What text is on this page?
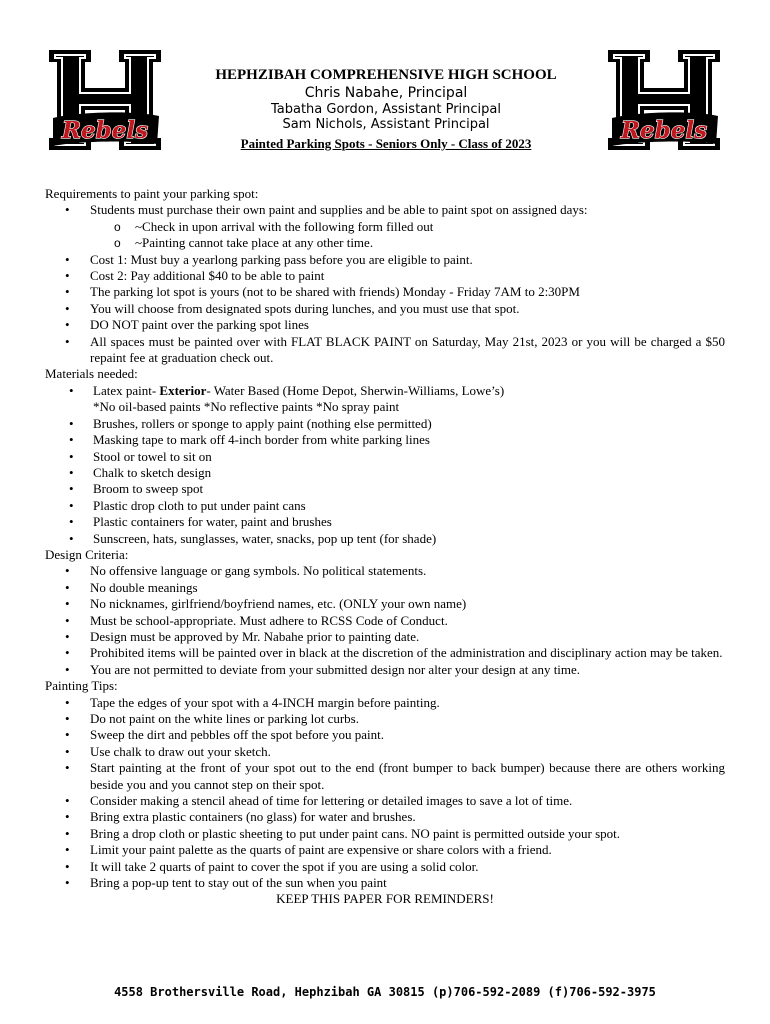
Rebels	Rebels
HEPHZIBAH COMPREHENSIVE HIGH SCHOOL
Chris Nabahe, Principal
Tabatha Gordon, Assistant Principal
Sam Nichols, Assistant Principal
Painted Parking Spots - Seniors Only - Class of 2023
Requirements to paint your parking spot:
• Students must purchase their own paint and supplies and be able to paint spot on assigned days:
o ~Check in upon arrival with the following form filled out
o ~Painting cannot take place at any other time.
• Cost 1: Must buy a yearlong parking pass before you are eligible to paint.
• Cost 2: Pay additional $40 to be able to paint
• The parking lot spot is yours (not to be shared with friends) Monday - Friday 7AM to 2:30PM
• You will choose from designated spots during lunches, and you must use that spot.
• DO NOT paint over the parking spot lines
• All spaces must be painted over with FLAT BLACK PAINT on Saturday, May 21st, 2023 or you will be charged a $50 repaint fee at graduation check out.
Materials needed:
• Latex paint- Exterior- Water Based (Home Depot, Sherwin-Williams, Lowe’s)
*No oil-based paints *No reflective paints *No spray paint
• Brushes, rollers or sponge to apply paint (nothing else permitted)
• Masking tape to mark off 4-inch border from white parking lines
• Stool or towel to sit on
• Chalk to sketch design
• Broom to sweep spot
• Plastic drop cloth to put under paint cans
• Plastic containers for water, paint and brushes
• Sunscreen, hats, sunglasses, water, snacks, pop up tent (for shade)
Design Criteria:
• No offensive language or gang symbols. No political statements.
• No double meanings
• No nicknames, girlfriend/boyfriend names, etc. (ONLY your own name)
• Must be school-appropriate. Must adhere to RCSS Code of Conduct.
• Design must be approved by Mr. Nabahe prior to painting date.
• Prohibited items will be painted over in black at the discretion of the administration and disciplinary action may be taken.
• You are not permitted to deviate from your submitted design nor alter your design at any time.
Painting Tips:
• Tape the edges of your spot with a 4-INCH margin before painting.
• Do not paint on the white lines or parking lot curbs.
• Sweep the dirt and pebbles off the spot before you paint.
• Use chalk to draw out your sketch.
• Start painting at the front of your spot out to the end (front bumper to back bumper) because there are others working beside you and you cannot step on their spot.
• Consider making a stencil ahead of time for lettering or detailed images to save a lot of time.
• Bring extra plastic containers (no glass) for water and brushes.
• Bring a drop cloth or plastic sheeting to put under paint cans. NO paint is permitted outside your spot.
• Limit your paint palette as the quarts of paint are expensive or share colors with a friend.
• It will take 2 quarts of paint to cover the spot if you are using a solid color.
• Bring a pop-up tent to stay out of the sun when you paint
KEEP THIS PAPER FOR REMINDERS!
4558 Brothersville Road, Hephzibah GA 30815 (p)706-592-2089 (f)706-592-3975
